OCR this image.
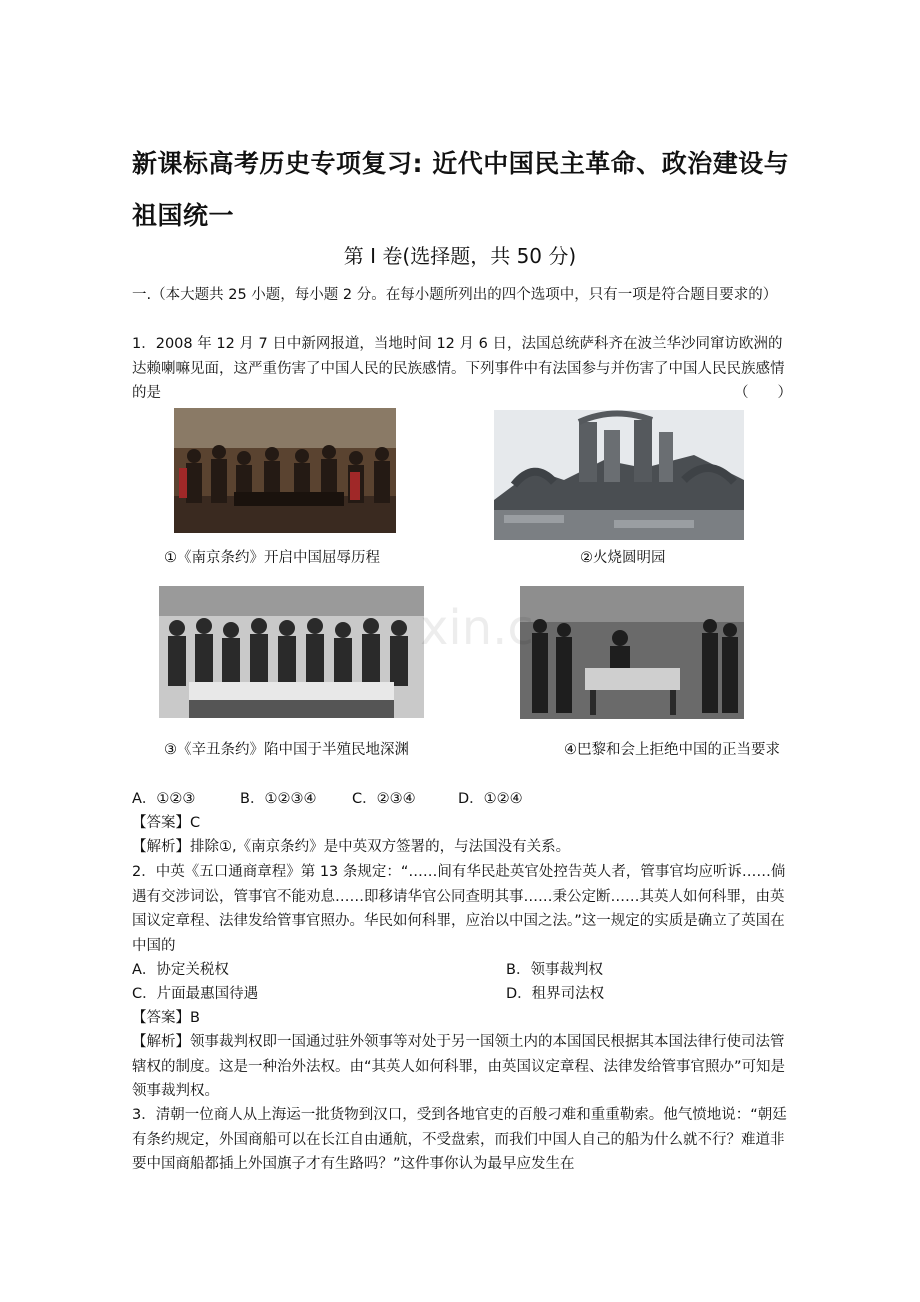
新课标高考历史专项复习: 近代中国民主革命、政治建设与祖国统一
第 I 卷(选择题，共 50 分)
一.（本大题共 25 小题，每小题 2 分。在每小题所列出的四个选项中，只有一项是符合题目要求的）
1．2008 年 12 月 7 日中新网报道，当地时间 12 月 6 日，法国总统萨科齐在波兰华沙同窜访欧洲的达赖喇嘛见面，这严重伤害了中国人民的民族感情。下列事件中有法国参与并伤害了中国人民民族感情的是	（　　）
①《南京条约》开启中国屈辱历程	②火烧圆明园
xin.c
③《辛丑条约》陷中国于半殖民地深渊	④巴黎和会上拒绝中国的正当要求
A．①②③	B．①②③④ C．②③④	D．①②④
【答案】C
【解析】排除①,《南京条约》是中英双方签署的，与法国没有关系。
2．中英《五口通商章程》第 13 条规定：“……间有华民赴英官处控告英人者，管事官均应听诉……倘遇有交涉词讼，管事官不能劝息……即移请华官公同查明其事……秉公定断……其英人如何科罪，由英国议定章程、法律发给管事官照办。华民如何科罪，应治以中国之法。”这一规定的实质是确立了英国在中国的
A．协定关税权	B．领事裁判权
C．片面最惠国待遇	D．租界司法权
【答案】B
【解析】领事裁判权即一国通过驻外领事等对处于另一国领土内的本国国民根据其本国法律行使司法管辖权的制度。这是一种治外法权。由“其英人如何科罪，由英国议定章程、法律发给管事官照办”可知是领事裁判权。
3．清朝一位商人从上海运一批货物到汉口，受到各地官吏的百般刁难和重重勒索。他气愤地说：“朝廷有条约规定，外国商船可以在长江自由通航，不受盘索，而我们中国人自己的船为什么就不行？难道非要中国商船都插上外国旗子才有生路吗？”这件事你认为最早应发生在
